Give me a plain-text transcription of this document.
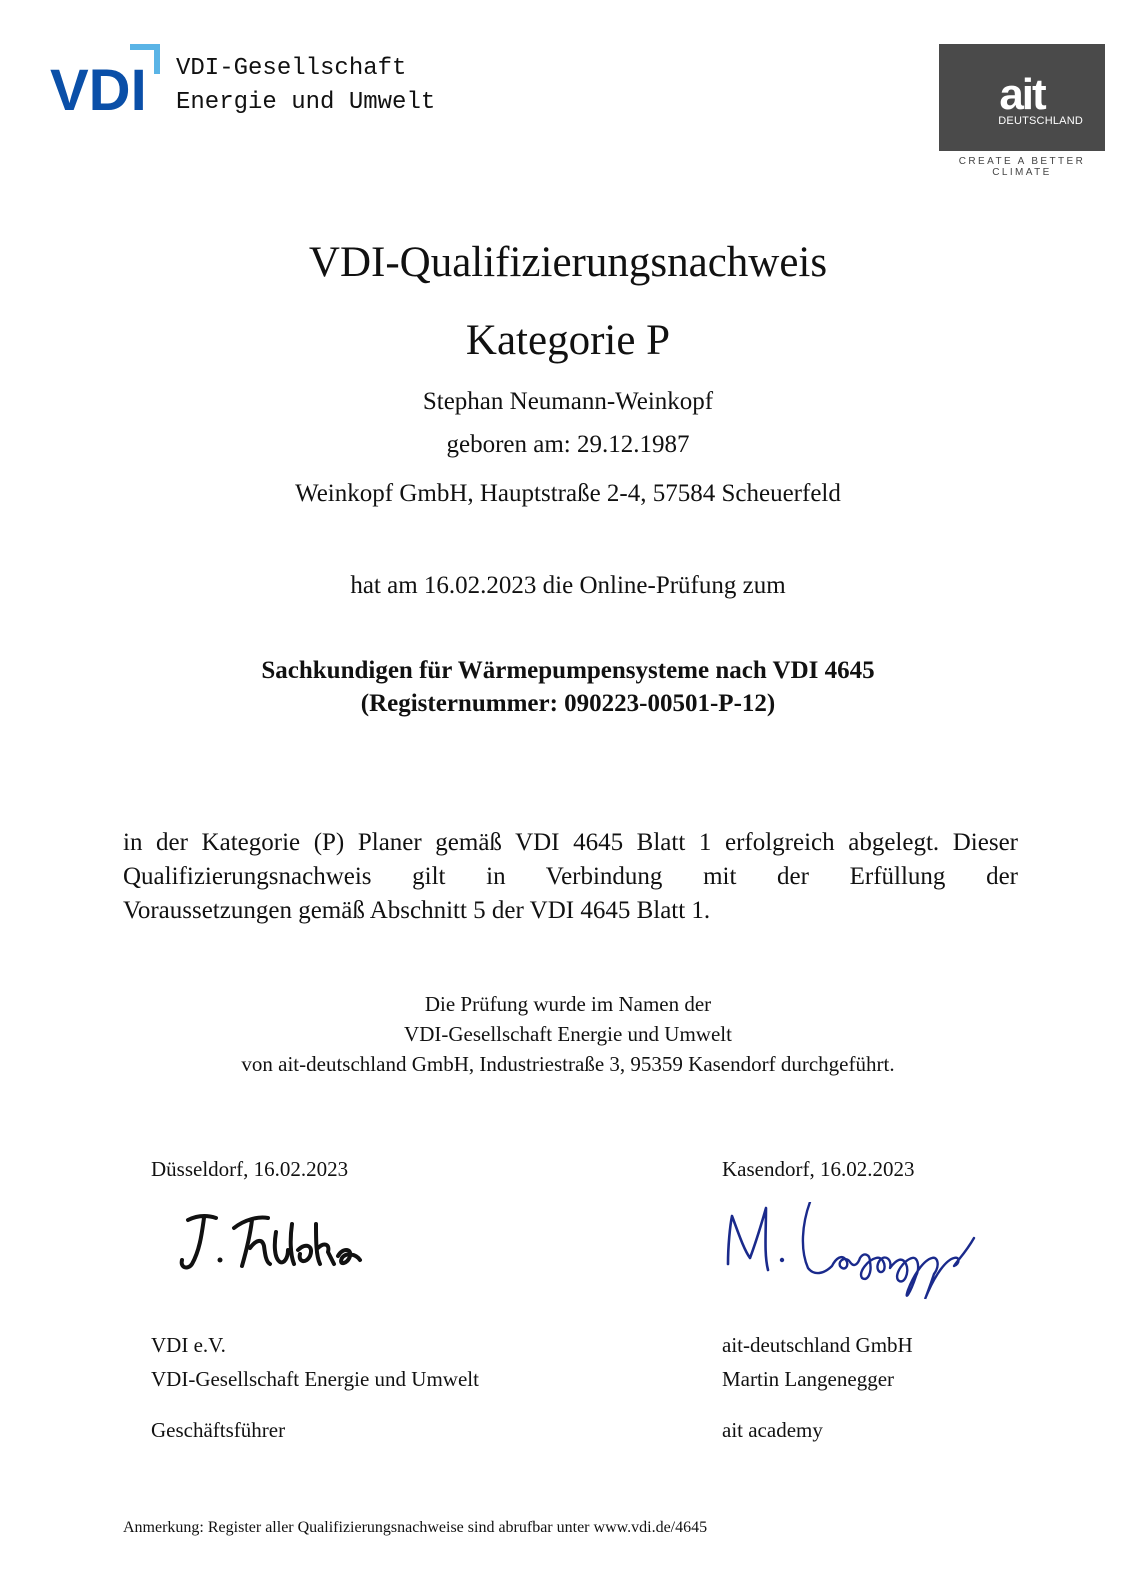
VDI VDI-Gesellschaft
Energie und Umwelt	ait
DEUTSCHLAND
CREATE A BETTER CLIMATE
VDI-Qualifizierungsnachweis
Kategorie P
Stephan Neumann-Weinkopf
geboren am: 29.12.1987
Weinkopf GmbH, Hauptstraße 2-4, 57584 Scheuerfeld
hat am 16.02.2023 die Online-Prüfung zum
Sachkundigen für Wärmepumpensysteme nach VDI 4645
(Registernummer: 090223-00501-P-12)
in der Kategorie (P) Planer gemäß VDI 4645 Blatt 1 erfolgreich abgelegt. Dieser
Qualifizierungsnachweis gilt in Verbindung mit der Erfüllung der
Voraussetzungen gemäß Abschnitt 5 der VDI 4645 Blatt 1.
Die Prüfung wurde im Namen der
VDI-Gesellschaft Energie und Umwelt
von ait-deutschland GmbH, Industriestraße 3, 95359 Kasendorf durchgeführt.
Düsseldorf, 16.02.2023
VDI e.V.
VDI-Gesellschaft Energie und Umwelt
Geschäftsführer
Kasendorf, 16.02.2023
ait-deutschland GmbH
Martin Langenegger
ait academy
Anmerkung: Register aller Qualifizierungsnachweise sind abrufbar unter www.vdi.de/4645
